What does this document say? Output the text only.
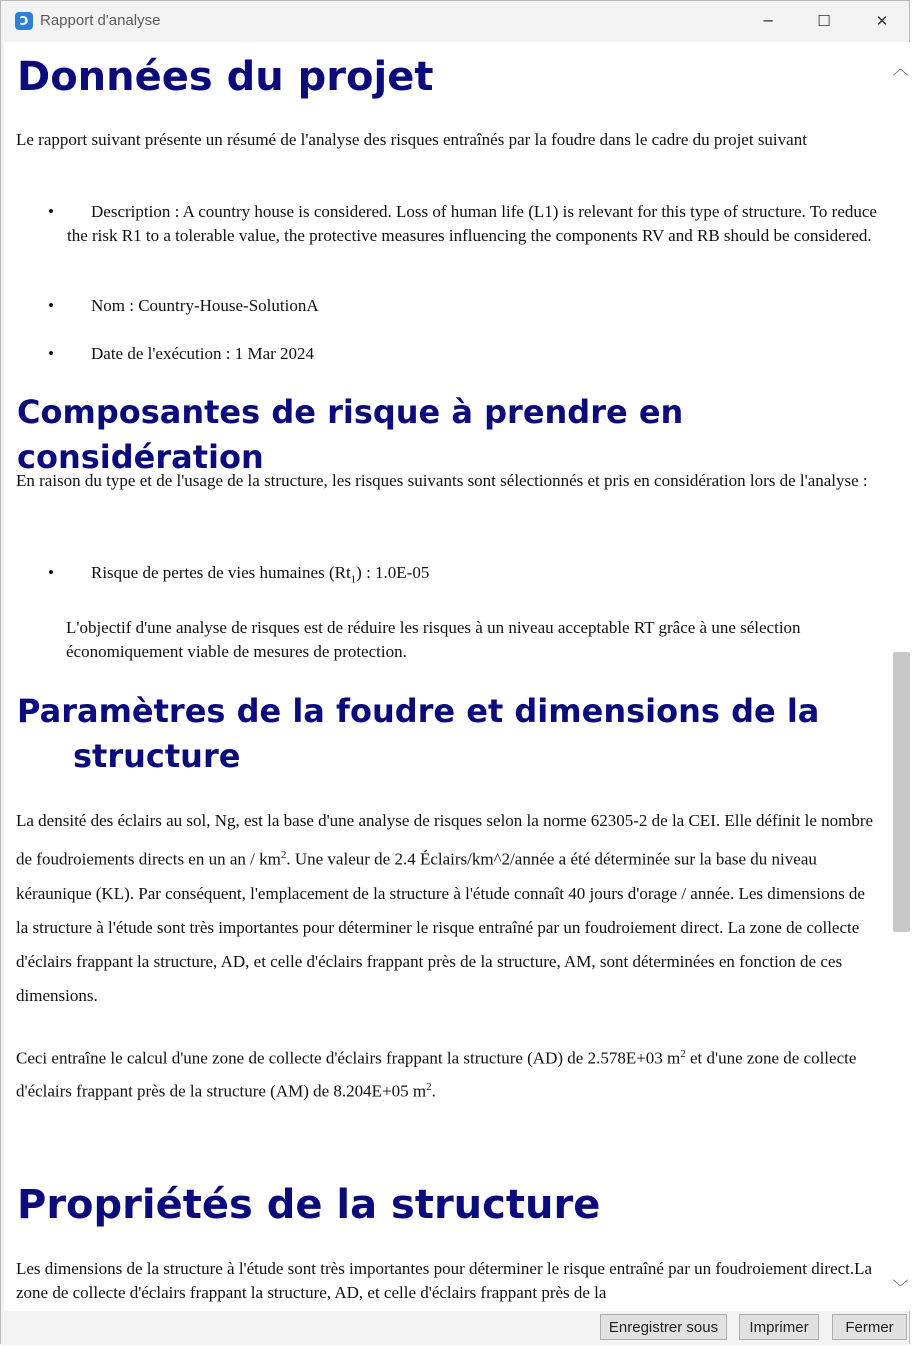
Ↄ Rapport d'analyse	─	☐	✕
Données du projet

Le rapport suivant présente un résumé de l'analyse des risques entraînés par la foudre dans le cadre du projet suivant

•	Description : A country house is considered. Loss of human life (L1) is relevant for this type of structure. To reduce the risk R1 to a tolerable value, the protective measures influencing the components RV and RB should be considered.
•	Nom : Country-House-SolutionA
•	Date de l'exécution : 1 Mar 2024
Composantes de risque à prendre en considération

En raison du type et de l'usage de la structure, les risques suivants sont sélectionnés et pris en considération lors de l'analyse :

•	Risque de pertes de vies humaines $(Rt_1)$ : 1.0E-05

L'objectif d'une analyse de risques est de réduire les risques à un niveau acceptable RT grâce à une sélection économiquement viable de mesures de protection.

Paramètres de la foudre et dimensions de la
structure

La densité des éclairs au sol, Ng, est la base d'une analyse de risques selon la norme 62305-2 de la CEI. Elle définit le nombre de foudroiements directs en un an / $km^2$. Une valeur de 2.4 Éclairs/km^2/année a été déterminée sur la base du niveau kéraunique (KL). Par conséquent, l'emplacement de la structure à l'étude connaît 40 jours d'orage / année. Les dimensions de la structure à l'étude sont très importantes pour déterminer le risque entraîné par un foudroiement direct. La zone de collecte d'éclairs frappant la structure, AD, et celle d'éclairs frappant près de la structure, AM, sont déterminées en fonction de ces dimensions.

Ceci entraîne le calcul d'une zone de collecte d'éclairs frappant la structure (AD) de 2.578E+03 $m^2$ et d'une zone de collecte d'éclairs frappant près de la structure (AM) de 8.204E+05 $m^2$.

Propriétés de la structure

Les dimensions de la structure à l'étude sont très importantes pour déterminer le risque entraîné par un foudroiement direct.La zone de collecte d'éclairs frappant la structure, AD, et celle d'éclairs frappant près de la

︿
﹀
Enregistrer sous	Imprimer	Fermer
